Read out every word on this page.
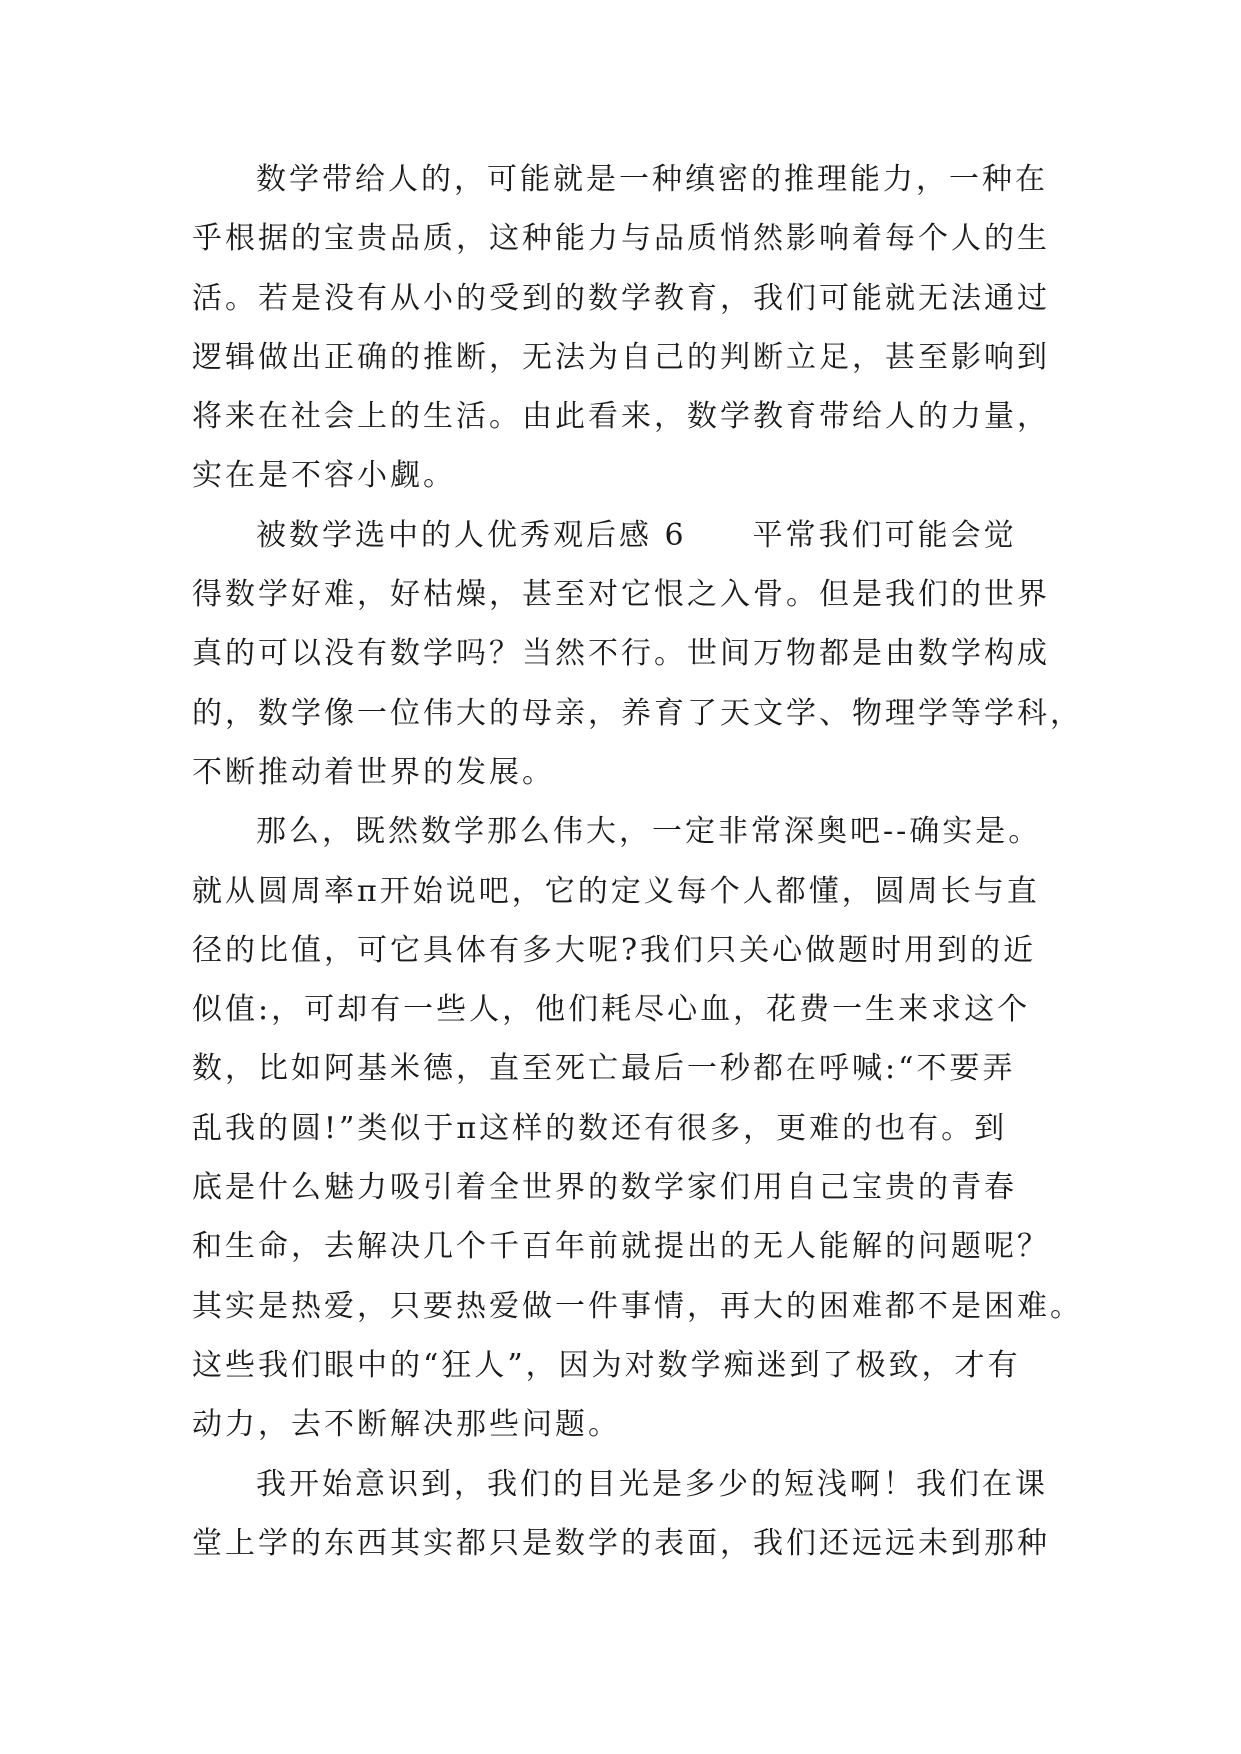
数学带给人的，可能就是一种缜密的推理能力，一种在
乎根据的宝贵品质，这种能力与品质悄然影响着每个人的生
活。若是没有从小的受到的数学教育，我们可能就无法通过
逻辑做出正确的推断，无法为自己的判断立足，甚至影响到
将来在社会上的生活。由此看来，数学教育带给人的力量，
实在是不容小觑。
被数学选中的人优秀观后感 6　　平常我们可能会觉
得数学好难，好枯燥，甚至对它恨之入骨。但是我们的世界
真的可以没有数学吗？当然不行。世间万物都是由数学构成
的，数学像一位伟大的母亲，养育了天文学、物理学等学科，
不断推动着世界的发展。
那么，既然数学那么伟大，一定非常深奥吧--确实是。
就从圆周率π开始说吧，它的定义每个人都懂，圆周长与直
径的比值，可它具体有多大呢?我们只关心做题时用到的近
似值:，可却有一些人，他们耗尽心血，花费一生来求这个
数，比如阿基米德，直至死亡最后一秒都在呼喊:“不要弄
乱我的圆!”类似于π这样的数还有很多，更难的也有。到
底是什么魅力吸引着全世界的数学家们用自己宝贵的青春
和生命，去解决几个千百年前就提出的无人能解的问题呢？
其实是热爱，只要热爱做一件事情，再大的困难都不是困难。
这些我们眼中的“狂人”，因为对数学痴迷到了极致，才有
动力，去不断解决那些问题。
我开始意识到，我们的目光是多少的短浅啊！我们在课
堂上学的东西其实都只是数学的表面，我们还远远未到那种
